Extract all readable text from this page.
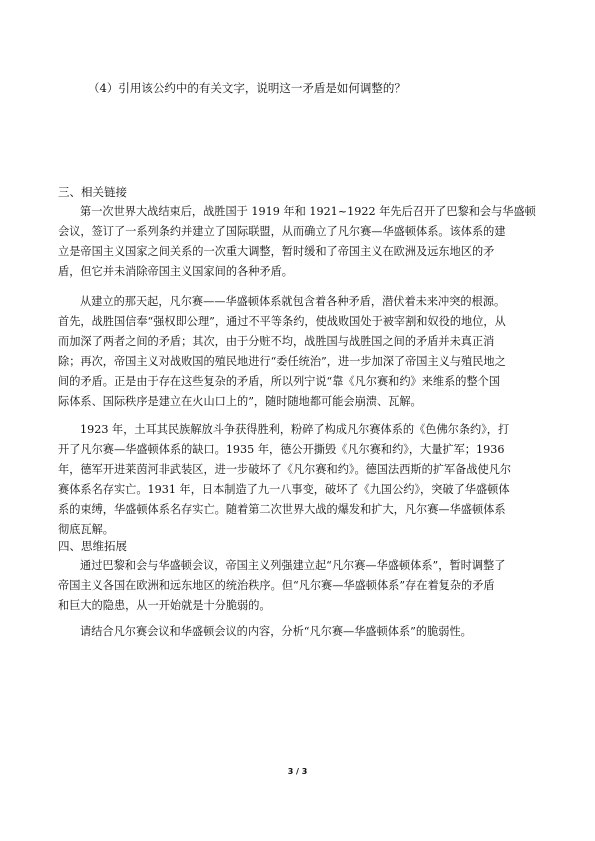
（4）引用该公约中的有关文字，说明这一矛盾是如何调整的？
三、相关链接
第一次世界大战结束后，战胜国于 1919 年和 1921~1922 年先后召开了巴黎和会与华盛顿
会议，签订了一系列条约并建立了国际联盟，从而确立了凡尔赛—华盛顿体系。该体系的建
立是帝国主义国家之间关系的一次重大调整，暂时缓和了帝国主义在欧洲及远东地区的矛
盾，但它并未消除帝国主义国家间的各种矛盾。
从建立的那天起，凡尔赛——华盛顿体系就包含着各种矛盾，潜伏着未来冲突的根源。
首先，战胜国信奉“强权即公理”，通过不平等条约，使战败国处于被宰割和奴役的地位，从
而加深了两者之间的矛盾；其次，由于分赃不均，战胜国与战胜国之间的矛盾并未真正消
除；再次，帝国主义对战败国的殖民地进行“委任统治”，进一步加深了帝国主义与殖民地之
间的矛盾。正是由于存在这些复杂的矛盾，所以列宁说“靠《凡尔赛和约》来维系的整个国
际体系、国际秩序是建立在火山口上的”，随时随地都可能会崩溃、瓦解。
1923 年，土耳其民族解放斗争获得胜利，粉碎了构成凡尔赛体系的《色佛尔条约》，打
开了凡尔赛—华盛顿体系的缺口。1935 年，德公开撕毁《凡尔赛和约》，大量扩军；1936
年，德军开进莱茵河非武装区，进一步破坏了《凡尔赛和约》。德国法西斯的扩军备战使凡尔
赛体系名存实亡。1931 年，日本制造了九一八事变，破坏了《九国公约》，突破了华盛顿体
系的束缚，华盛顿体系名存实亡。随着第二次世界大战的爆发和扩大，凡尔赛—华盛顿体系
彻底瓦解。
四、思维拓展
通过巴黎和会与华盛顿会议，帝国主义列强建立起“凡尔赛—华盛顿体系”，暂时调整了
帝国主义各国在欧洲和远东地区的统治秩序。但“凡尔赛—华盛顿体系”存在着复杂的矛盾
和巨大的隐患，从一开始就是十分脆弱的。
请结合凡尔赛会议和华盛顿会议的内容，分析“凡尔赛—华盛顿体系”的脆弱性。
3 / 3
